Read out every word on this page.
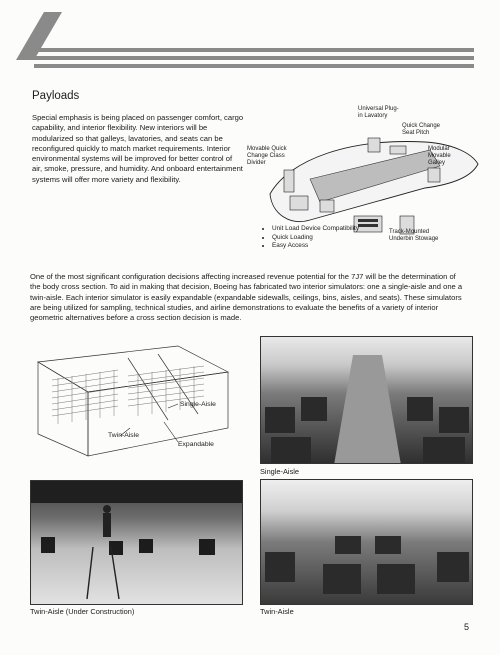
Payloads
Special emphasis is being placed on passenger comfort, cargo capability, and interior flexibility. New interiors will be modularized so that galleys, lavatories, and seats can be reconfigured quickly to match market requirements. Interior environmental systems will be improved for better control of air, smoke, pressure, and humidity. And onboard entertainment systems will offer more variety and flexibility.
Universal Plug-in Lavatory
Quick Change Seat Pitch
Modular Movable Galley
Movable Quick Change Class Divider
Track-Mounted Underbin Stowage
• Unit Load Device Compatibility
• Quick Loading
• Easy Access
One of the most significant configuration decisions affecting increased revenue potential for the 7J7 will be the determination of the body cross section. To aid in making that decision, Boeing has fabricated two interior simulators: one a single-aisle and one a twin-aisle. Each interior simulator is easily expandable (expandable sidewalls, ceilings, bins, aisles, and seats). These simulators are being utilized for sampling, technical studies, and airline demonstrations to evaluate the benefits of a variety of interior geometric alternatives before a cross section decision is made.
Single-Aisle
Twin-Aisle
Expandable
Single-Aisle
Twin-Aisle (Under Construction)	Twin-Aisle
5
